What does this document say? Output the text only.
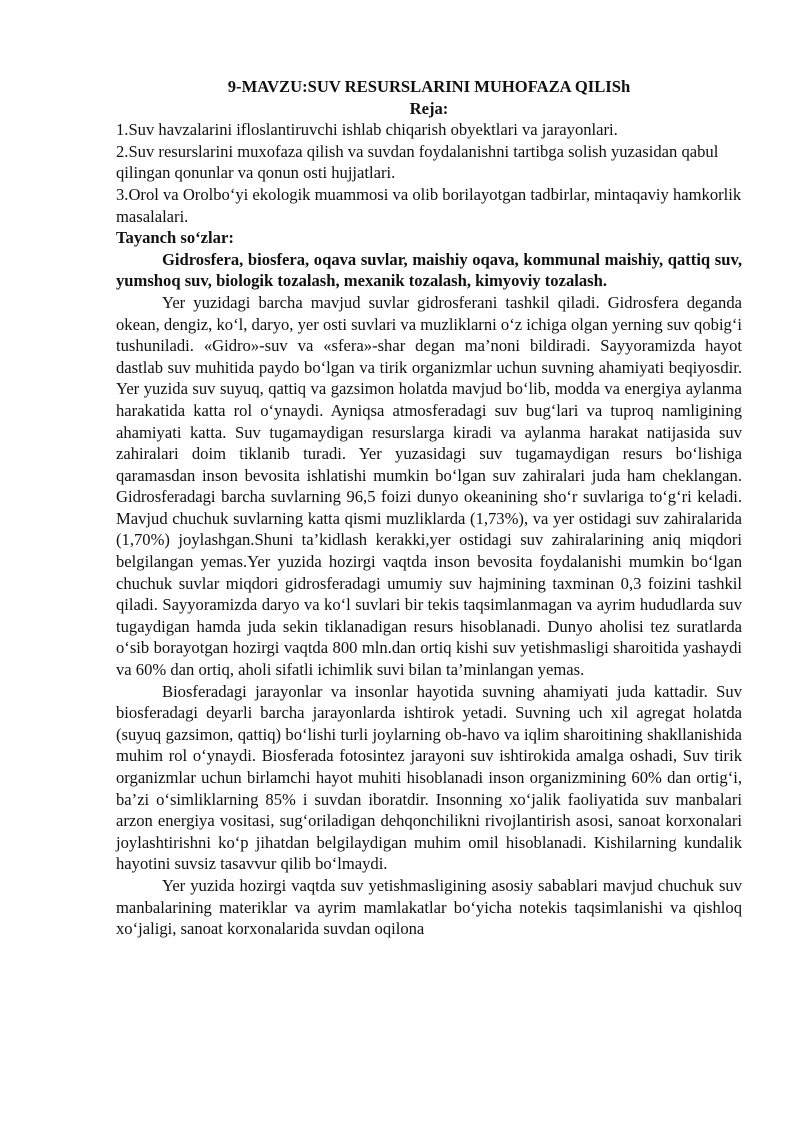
9-MAVZU:SUV RESURSLARINI MUHOFAZA QILISh

Reja:

1.Suv havzalarini ifloslantiruvchi ishlab chiqarish obyektlari va jarayonlari.

2.Suv resurslarini muxofaza qilish va suvdan foydalanishni tartibga solish yuzasidan qabul qilingan qonunlar va qonun osti hujjatlari.

3.Orol va Orolbo‘yi ekologik muammosi va olib borilayotgan tadbirlar, mintaqaviy hamkorlik masalalari.

Tayanch so‘zlar:

Gidrosfera, biosfera, oqava suvlar, maishiy oqava, kommunal maishiy, qattiq suv, yumshoq suv, biologik tozalash, mexanik tozalash, kimyoviy tozalash.

Yer yuzidagi barcha mavjud suvlar gidrosferani tashkil qiladi. Gidrosfera deganda okean, dengiz, ko‘l, daryo, yer osti suvlari va muzliklarni o‘z ichiga olgan yerning suv qobig‘i tushuniladi. «Gidro»-suv va «sfera»-shar degan ma’noni bildiradi. Sayyoramizda hayot dastlab suv muhitida paydo bo‘lgan va tirik organizmlar uchun suvning ahamiyati beqiyosdir. Yer yuzida suv suyuq, qattiq va gazsimon holatda mavjud bo‘lib, modda va energiya aylanma harakatida katta rol o‘ynaydi. Ayniqsa atmosferadagi suv bug‘lari va tuproq namligining ahamiyati katta. Suv tugamaydigan resurslarga kiradi va aylanma harakat natijasida suv zahiralari doim tiklanib turadi. Yer yuzasidagi suv tugamaydigan resurs bo‘lishiga qaramasdan inson bevosita ishlatishi mumkin bo‘lgan suv zahiralari juda ham cheklangan. Gidrosferadagi barcha suvlarning 96,5 foizi dunyo okeanining sho‘r suvlariga to‘g‘ri keladi. Mavjud chuchuk suvlarning katta qismi muzliklarda (1,73%), va yer ostidagi suv zahiralarida (1,70%) joylashgan.Shuni ta’kidlash kerakki,yer ostidagi suv zahiralarining aniq miqdori belgilangan yemas.Yer yuzida hozirgi vaqtda inson bevosita foydalanishi mumkin bo‘lgan chuchuk suvlar miqdori gidrosferadagi umumiy suv hajmining taxminan 0,3 foizini tashkil qiladi. Sayyoramizda daryo va ko‘l suvlari bir tekis taqsimlanmagan va ayrim hududlarda suv tugaydigan hamda juda sekin tiklanadigan resurs hisoblanadi. Dunyo aholisi tez suratlarda o‘sib borayotgan hozirgi vaqtda 800 mln.dan ortiq kishi suv yetishmasligi sharoitida yashaydi va 60% dan ortiq, aholi sifatli ichimlik suvi bilan ta’minlangan yemas.

Biosferadagi jarayonlar va insonlar hayotida suvning ahamiyati juda kattadir. Suv biosferadagi deyarli barcha jarayonlarda ishtirok yetadi. Suvning uch xil agregat holatda (suyuq gazsimon, qattiq) bo‘lishi turli joylarning ob-havo va iqlim sharoitining shakllanishida muhim rol o‘ynaydi. Biosferada fotosintez jarayoni suv ishtirokida amalga oshadi, Suv tirik organizmlar uchun birlamchi hayot muhiti hisoblanadi inson organizmining 60% dan ortig‘i, ba’zi o‘simliklarning 85% i suvdan iboratdir. Insonning xo‘jalik faoliyatida suv manbalari arzon energiya vositasi, sug‘oriladigan dehqonchilikni rivojlantirish asosi, sanoat korxonalari joylashtirishni ko‘p jihatdan belgilaydigan muhim omil hisoblanadi. Kishilarning kundalik hayotini suvsiz tasavvur qilib bo‘lmaydi.

Yer yuzida hozirgi vaqtda suv yetishmasligining asosiy sabablari mavjud chuchuk suv manbalarining materiklar va ayrim mamlakatlar bo‘yicha notekis taqsimlanishi va qishloq xo‘jaligi, sanoat korxonalarida suvdan oqilona
